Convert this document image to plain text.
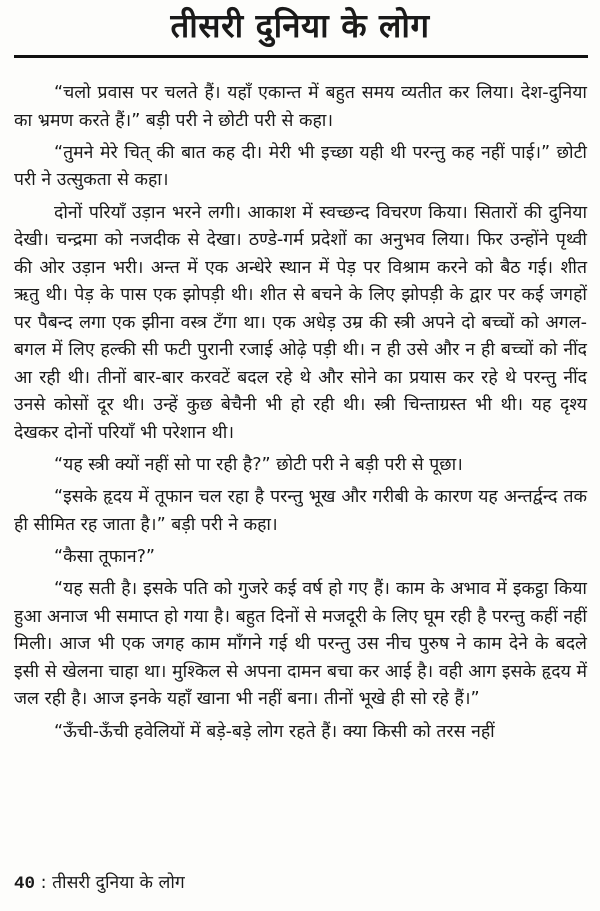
तीसरी दुनिया के लोग

“चलो प्रवास पर चलते हैं। यहाँ एकान्त में बहुत समय व्यतीत कर लिया। देश-दुनिया का भ्रमण करते हैं।” बड़ी परी ने छोटी परी से कहा।

“तुमने मेरे चित् की बात कह दी। मेरी भी इच्छा यही थी परन्तु कह नहीं पाई।” छोटी परी ने उत्सुकता से कहा।

दोनों परियाँ उड़ान भरने लगी। आकाश में स्वच्छन्द विचरण किया। सितारों की दुनिया देखी। चन्द्रमा को नजदीक से देखा। ठण्डे-गर्म प्रदेशों का अनुभव लिया। फिर उन्होंने पृथ्वी की ओर उड़ान भरी। अन्त में एक अन्धेरे स्थान में पेड़ पर विश्राम करने को बैठ गई। शीत ऋतु थी। पेड़ के पास एक झोपड़ी थी। शीत से बचने के लिए झोपड़ी के द्वार पर कई जगहों पर पैबन्द लगा एक झीना वस्त्र टँगा था। एक अधेड़ उम्र की स्त्री अपने दो बच्चों को अगल-बगल में लिए हल्की सी फटी पुरानी रजाई ओढ़े पड़ी थी। न ही उसे और न ही बच्चों को नींद आ रही थी। तीनों बार-बार करवटें बदल रहे थे और सोने का प्रयास कर रहे थे परन्तु नींद उनसे कोसों दूर थी। उन्हें कुछ बेचैनी भी हो रही थी। स्त्री चिन्ताग्रस्त भी थी। यह दृश्य देखकर दोनों परियाँ भी परेशान थी।

“यह स्त्री क्यों नहीं सो पा रही है?” छोटी परी ने बड़ी परी से पूछा।

“इसके हृदय में तूफान चल रहा है परन्तु भूख और गरीबी के कारण यह अन्तर्द्वन्द तक ही सीमित रह जाता है।” बड़ी परी ने कहा।

“कैसा तूफान?”

“यह सती है। इसके पति को गुजरे कई वर्ष हो गए हैं। काम के अभाव में इकट्ठा किया हुआ अनाज भी समाप्त हो गया है। बहुत दिनों से मजदूरी के लिए घूम रही है परन्तु कहीं नहीं मिली। आज भी एक जगह काम माँगने गई थी परन्तु उस नीच पुरुष ने काम देने के बदले इसी से खेलना चाहा था। मुश्किल से अपना दामन बचा कर आई है। वही आग इसके हृदय में जल रही है। आज इनके यहाँ खाना भी नहीं बना। तीनों भूखे ही सो रहे हैं।”

“ऊँची-ऊँची हवेलियों में बड़े-बड़े लोग रहते हैं। क्या किसी को तरस नहीं

40 : तीसरी दुनिया के लोग
